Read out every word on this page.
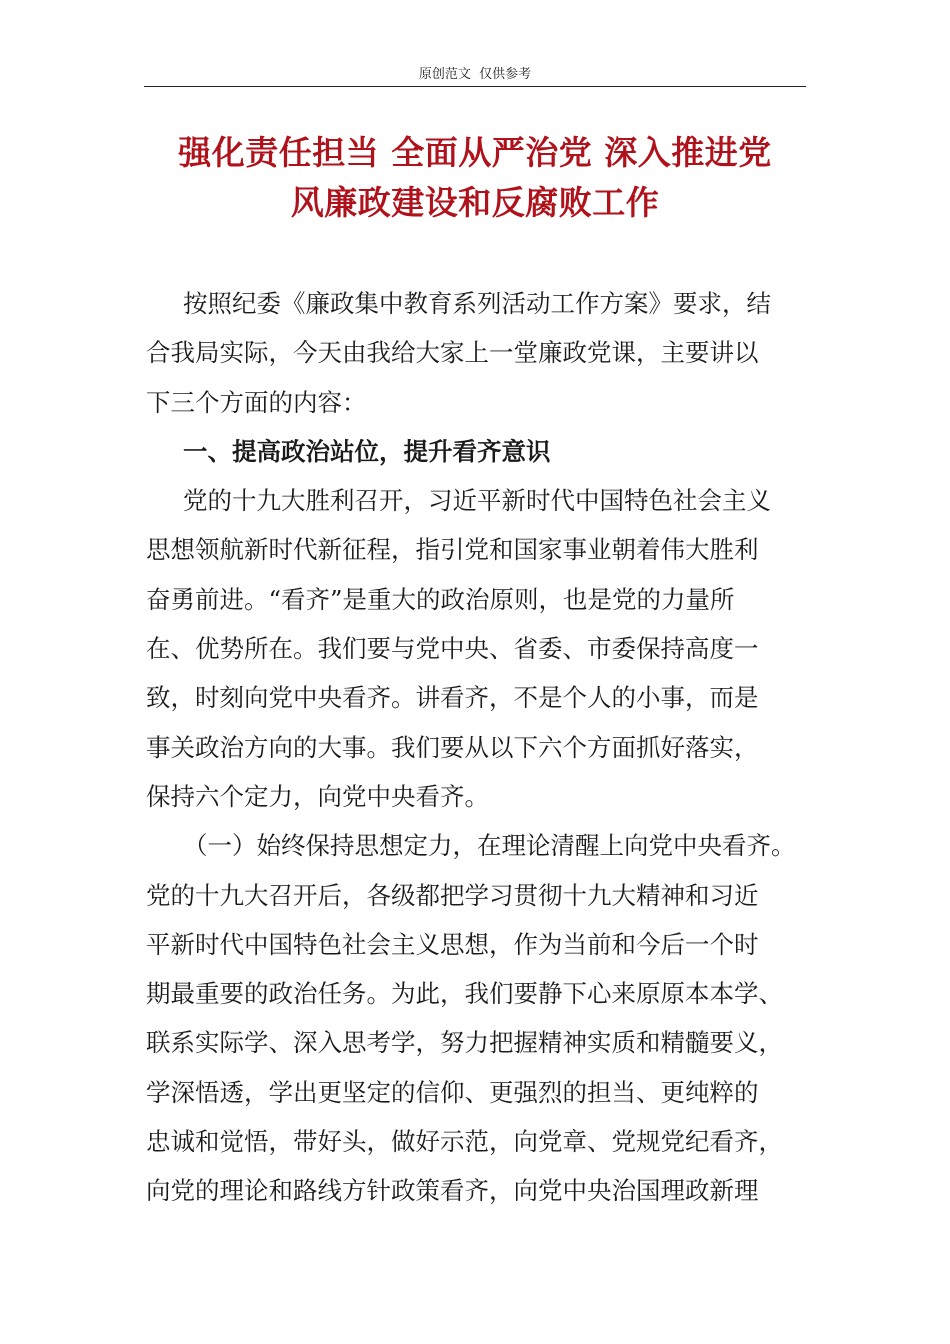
原创范文  仅供参考
强化责任担当 全面从严治党 深入推进党
风廉政建设和反腐败工作
按照纪委《廉政集中教育系列活动工作方案》要求，结
合我局实际，今天由我给大家上一堂廉政党课，主要讲以
下三个方面的内容：
一、提高政治站位，提升看齐意识
党的十九大胜利召开，习近平新时代中国特色社会主义
思想领航新时代新征程，指引党和国家事业朝着伟大胜利
奋勇前进。“看齐”是重大的政治原则，也是党的力量所
在、优势所在。我们要与党中央、省委、市委保持高度一
致，时刻向党中央看齐。讲看齐，不是个人的小事，而是
事关政治方向的大事。我们要从以下六个方面抓好落实，
保持六个定力，向党中央看齐。
（一）始终保持思想定力，在理论清醒上向党中央看齐。
党的十九大召开后，各级都把学习贯彻十九大精神和习近
平新时代中国特色社会主义思想，作为当前和今后一个时
期最重要的政治任务。为此，我们要静下心来原原本本学、
联系实际学、深入思考学，努力把握精神实质和精髓要义，
学深悟透，学出更坚定的信仰、更强烈的担当、更纯粹的
忠诚和觉悟，带好头，做好示范，向党章、党规党纪看齐，
向党的理论和路线方针政策看齐，向党中央治国理政新理
